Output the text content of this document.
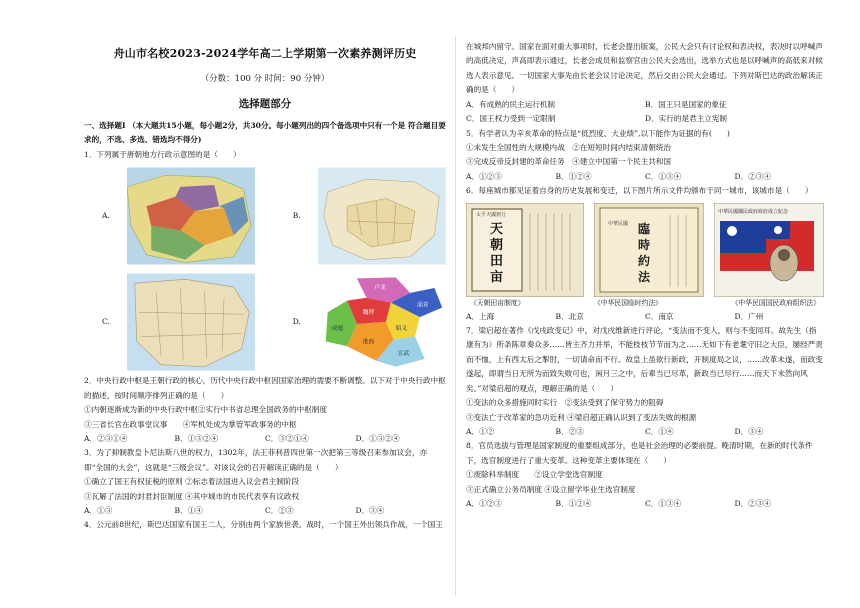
舟山市名校2023-2024学年高二上学期第一次素养测评历史
（分数：100 分 时间：90 分钟）
选择题部分

一、选择题Ⅰ （本大题共15小题，每小题2分，共30分。每小题列出的四个备选项中只有一个是 符合题目要求的，不选、多选、错选均不得分)

1．下列属于唐朝地方行政示意图的是（　　）

A.	B.
C.	D.
卢龙
魏博
成德
淄青
昭义
淮西
宣武

2．中央行政中枢是王朝行政的核心，历代中央行政中枢因国家治理的需要不断调整。以下对于中央行政中枢的描述，按时间顺序排列正确的是（　　）

①内朝逐渐成为新的中央行政中枢②实行中书省总理全国政务的中枢制度

③三省长官在政事堂议事　　④军机处成为掌管军政事务的中枢

A．②③①④	B．①③②④	C．③②①④	D．①③②④

3．为了抑制教皇卜尼法斯八世的权力，1302年，法王菲利普四世第一次把第三等级召来参加议会，亦即“全国的大会”，这就是“三级会议”。对该议会的召开解读正确的是（　　）

①确立了国王有权征税的原则 ②标志着法国进入议会君主制阶段

③瓦解了法国的封君封臣制度 ④其中城市的市民代表享有议政权

A．①③	B．①④	C．②③	D．③④

4．公元前8世纪，斯巴达国家有国王二人，分别由两个家族世袭。战时，一个国王外出领兵作战，一个国王

在城邦内留守。国家在面对重大事项时，长老会提出版案，公民大会只有讨论权和表决权，表决时以呼喊声的高低决定，声高即表示通过，长老会成员和监察官由公民大会选出，选举方式也是以呼喊声的高低来对候选人表示意见。一切国家大事先由长老会议讨论决定，然后交由公民大会通过。下列对斯巴达的政治解读正确的是（　　）

A．有成熟的民主运行机制	B．国王只是国家的象征
C．国王权力受到一定限制	D．实行的是君主立宪制

5．有学者认为辛亥革命的特点是“低烈度、大业绩”,以下能作为证据的有(　　)

①未发生全国性的大规模内战　②在短短时间内结束清朝统治

③完成反帝反封建的革命任务　④建立中国第一个民主共和国

A．①②③	B．①②④	C．①③④	D．②③④

6．每座城市都见证着自身的历史发展和变迁，以下图片所示文件均颁布于同一城市，该城市是（　　）

太平天國頒行
天
朝
田
亩
臨
時
約
法
中華民國
中華民國國民政府政府成立紀念
《天朝田亩制度》	《中华民国临时约法》	《中华民国国民政府组织法》
A．上海	B．北京	C．南京	D．广州

7．梁启超在著作《戊戌政变记》中，对戊戌维新进行评论，“变法而不变人，则与不变同耳。故先生（指康有为）所条陈章奏众多……皆主齐力并举，不能枝枝节节而为之……无如下有老耄守旧之大臣，屡经严责而不恤，上有西太后之掣肘，一切请命而不行。故皇上虽欲行新政，开制度局之议，……改革未遂，而政变遂起，即谓当日无所为而致失败可也，闲月三之中，后辈当已尽革，新政当已尽行……而天下未然向风矣。”对梁启超的观点，理解正确的是（　　）

①变法的众多措施同时实行　②变法受到了保守势力的阻碍

③变法亡于改革家的急功近利 ④梁启超正确认识到了变法失败的根源

A．①②	B．②③	C．①④	D．③④

8．官员选拔与管理是国家制度的重要组成部分，也是社会治理的必要前提。晚清时期，在新的时代条件下，选官制度进行了重大变革。这种变革主要体现在（　　）

①废除科举制度　　②设立学堂选官制度

③正式确立公务员制度 ④设立留学毕业生选官制度

A．①②③	B．①②④	C．①③④	D．②③④
